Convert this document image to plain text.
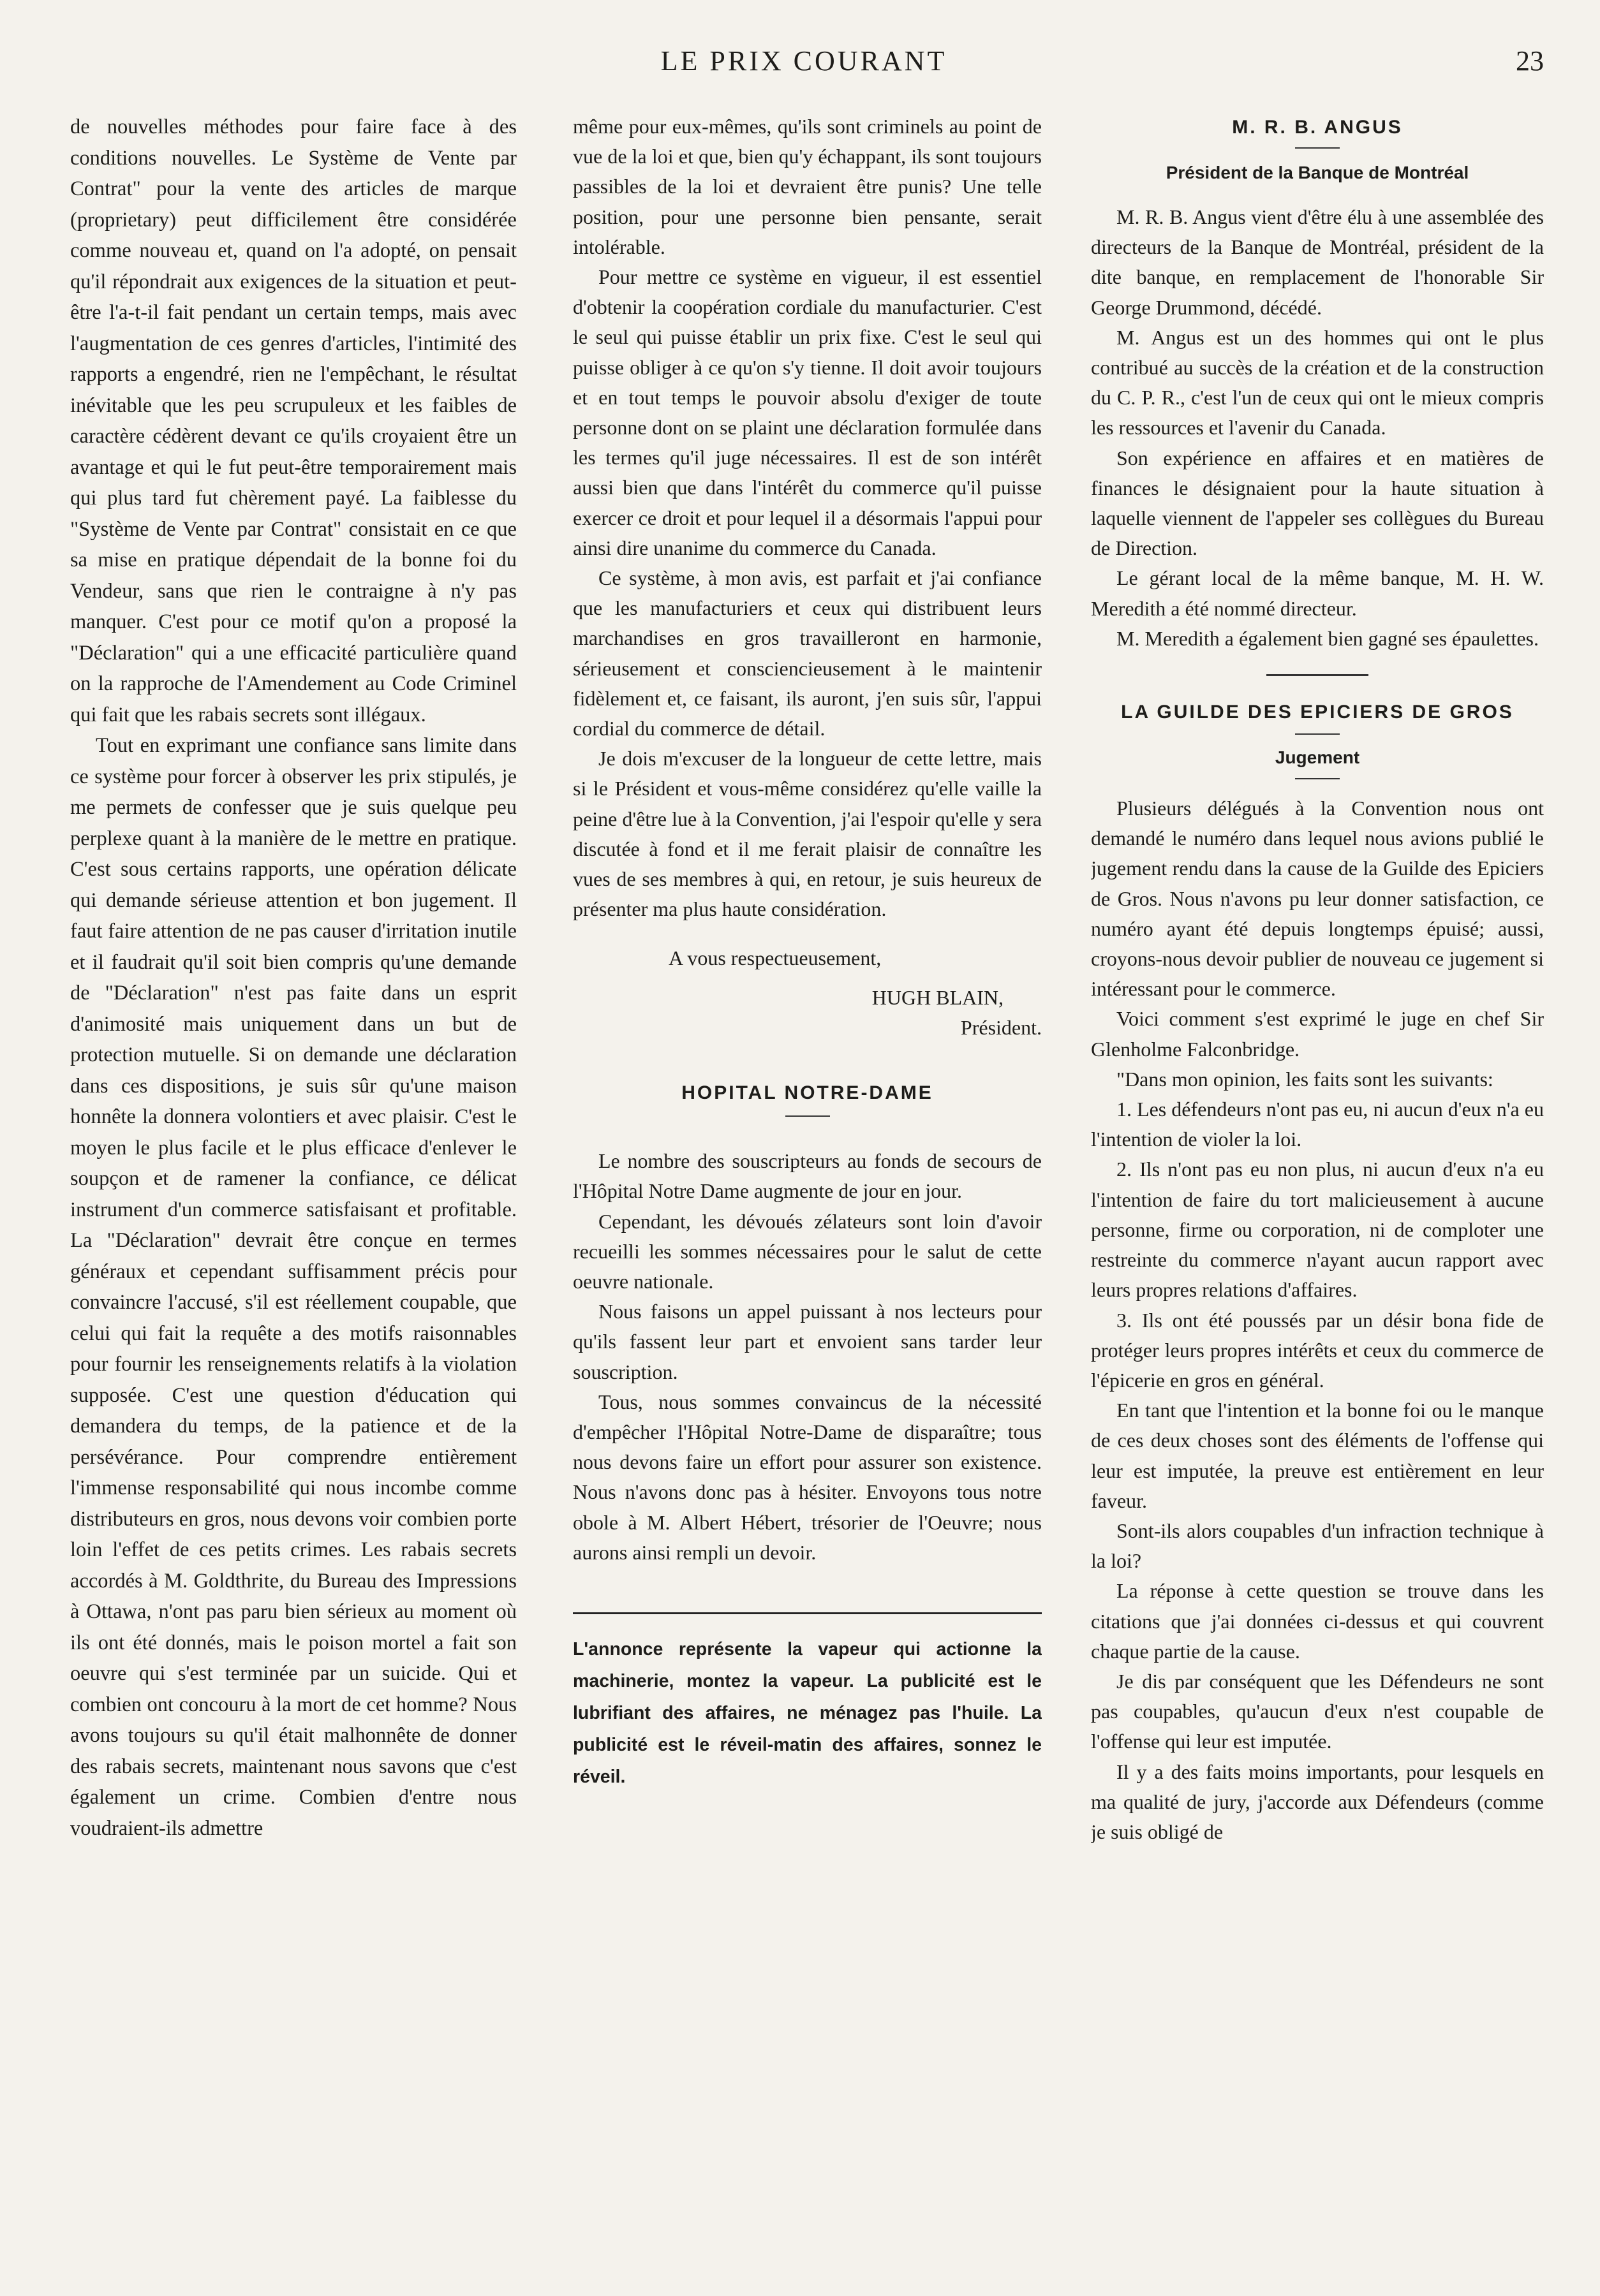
LE PRIX COURANT	23

de nouvelles méthodes pour faire face à des conditions nouvelles. Le Système de Vente par Contrat" pour la vente des articles de marque (proprietary) peut difficilement être considérée comme nouveau et, quand on l'a adopté, on pensait qu'il répondrait aux exigences de la situation et peut-être l'a-t-il fait pendant un certain temps, mais avec l'augmentation de ces genres d'articles, l'intimité des rapports a engendré, rien ne l'empêchant, le résultat inévitable que les peu scrupuleux et les faibles de caractère cédèrent devant ce qu'ils croyaient être un avantage et qui le fut peut-être temporairement mais qui plus tard fut chèrement payé. La faiblesse du "Système de Vente par Contrat" consistait en ce que sa mise en pratique dépendait de la bonne foi du Vendeur, sans que rien le contraigne à n'y pas manquer. C'est pour ce motif qu'on a proposé la "Déclaration" qui a une efficacité particulière quand on la rapproche de l'Amendement au Code Criminel qui fait que les rabais secrets sont illégaux.

Tout en exprimant une confiance sans limite dans ce système pour forcer à observer les prix stipulés, je me permets de confesser que je suis quelque peu perplexe quant à la manière de le mettre en pratique. C'est sous certains rapports, une opération délicate qui demande sérieuse attention et bon jugement. Il faut faire attention de ne pas causer d'irritation inutile et il faudrait qu'il soit bien compris qu'une demande de "Déclaration" n'est pas faite dans un esprit d'animosité mais uniquement dans un but de protection mutuelle. Si on demande une déclaration dans ces dispositions, je suis sûr qu'une maison honnête la donnera volontiers et avec plaisir. C'est le moyen le plus facile et le plus efficace d'enlever le soupçon et de ramener la confiance, ce délicat instrument d'un commerce satisfaisant et profitable. La "Déclaration" devrait être conçue en termes généraux et cependant suffisamment précis pour convaincre l'accusé, s'il est réellement coupable, que celui qui fait la requête a des motifs raisonnables pour fournir les renseignements relatifs à la violation supposée. C'est une question d'éducation qui demandera du temps, de la patience et de la persévérance. Pour comprendre entièrement l'immense responsabilité qui nous incombe comme distributeurs en gros, nous devons voir combien porte loin l'effet de ces petits crimes. Les rabais secrets accordés à M. Goldthrite, du Bureau des Impressions à Ottawa, n'ont pas paru bien sérieux au moment où ils ont été donnés, mais le poison mortel a fait son oeuvre qui s'est terminée par un suicide. Qui et combien ont concouru à la mort de cet homme? Nous avons toujours su qu'il était malhonnête de donner des rabais secrets, maintenant nous savons que c'est également un crime. Combien d'entre nous voudraient-ils admettre

même pour eux-mêmes, qu'ils sont criminels au point de vue de la loi et que, bien qu'y échappant, ils sont toujours passibles de la loi et devraient être punis? Une telle position, pour une personne bien pensante, serait intolérable.

Pour mettre ce système en vigueur, il est essentiel d'obtenir la coopération cordiale du manufacturier. C'est le seul qui puisse établir un prix fixe. C'est le seul qui puisse obliger à ce qu'on s'y tienne. Il doit avoir toujours et en tout temps le pouvoir absolu d'exiger de toute personne dont on se plaint une déclaration formulée dans les termes qu'il juge nécessaires. Il est de son intérêt aussi bien que dans l'intérêt du commerce qu'il puisse exercer ce droit et pour lequel il a désormais l'appui pour ainsi dire unanime du commerce du Canada.

Ce système, à mon avis, est parfait et j'ai confiance que les manufacturiers et ceux qui distribuent leurs marchandises en gros travailleront en harmonie, sérieusement et consciencieusement à le maintenir fidèlement et, ce faisant, ils auront, j'en suis sûr, l'appui cordial du commerce de détail.

Je dois m'excuser de la longueur de cette lettre, mais si le Président et vous-même considérez qu'elle vaille la peine d'être lue à la Convention, j'ai l'espoir qu'elle y sera discutée à fond et il me ferait plaisir de connaître les vues de ses membres à qui, en retour, je suis heureux de présenter ma plus haute considération.

A vous respectueusement,

HUGH BLAIN,

Président.

HOPITAL NOTRE-DAME

Le nombre des souscripteurs au fonds de secours de l'Hôpital Notre Dame augmente de jour en jour.

Cependant, les dévoués zélateurs sont loin d'avoir recueilli les sommes nécessaires pour le salut de cette oeuvre nationale.

Nous faisons un appel puissant à nos lecteurs pour qu'ils fassent leur part et envoient sans tarder leur souscription.

Tous, nous sommes convaincus de la nécessité d'empêcher l'Hôpital Notre-Dame de disparaître; tous nous devons faire un effort pour assurer son existence. Nous n'avons donc pas à hésiter. Envoyons tous notre obole à M. Albert Hébert, trésorier de l'Oeuvre; nous aurons ainsi rempli un devoir.

L'annonce représente la vapeur qui actionne la machinerie, montez la vapeur. La publicité est le lubrifiant des affaires, ne ménagez pas l'huile. La publicité est le réveil-matin des affaires, sonnez le réveil.
M. R. B. ANGUS
Président de la Banque de Montréal

M. R. B. Angus vient d'être élu à une assemblée des directeurs de la Banque de Montréal, président de la dite banque, en remplacement de l'honorable Sir George Drummond, décédé.

M. Angus est un des hommes qui ont le plus contribué au succès de la création et de la construction du C. P. R., c'est l'un de ceux qui ont le mieux compris les ressources et l'avenir du Canada.

Son expérience en affaires et en matières de finances le désignaient pour la haute situation à laquelle viennent de l'appeler ses collègues du Bureau de Direction.

Le gérant local de la même banque, M. H. W. Meredith a été nommé directeur.

M. Meredith a également bien gagné ses épaulettes.

LA GUILDE DES EPICIERS DE GROS
Jugement

Plusieurs délégués à la Convention nous ont demandé le numéro dans lequel nous avions publié le jugement rendu dans la cause de la Guilde des Epiciers de Gros. Nous n'avons pu leur donner satisfaction, ce numéro ayant été depuis longtemps épuisé; aussi, croyons-nous devoir publier de nouveau ce jugement si intéressant pour le commerce.

Voici comment s'est exprimé le juge en chef Sir Glenholme Falconbridge.

"Dans mon opinion, les faits sont les suivants:

1. Les défendeurs n'ont pas eu, ni aucun d'eux n'a eu l'intention de violer la loi.

2. Ils n'ont pas eu non plus, ni aucun d'eux n'a eu l'intention de faire du tort malicieusement à aucune personne, firme ou corporation, ni de comploter une restreinte du commerce n'ayant aucun rapport avec leurs propres relations d'affaires.

3. Ils ont été poussés par un désir bona fide de protéger leurs propres intérêts et ceux du commerce de l'épicerie en gros en général.

En tant que l'intention et la bonne foi ou le manque de ces deux choses sont des éléments de l'offense qui leur est imputée, la preuve est entièrement en leur faveur.

Sont-ils alors coupables d'un infraction technique à la loi?

La réponse à cette question se trouve dans les citations que j'ai données ci-dessus et qui couvrent chaque partie de la cause.

Je dis par conséquent que les Défendeurs ne sont pas coupables, qu'aucun d'eux n'est coupable de l'offense qui leur est imputée.

Il y a des faits moins importants, pour lesquels en ma qualité de jury, j'accorde aux Défendeurs (comme je suis obligé de
